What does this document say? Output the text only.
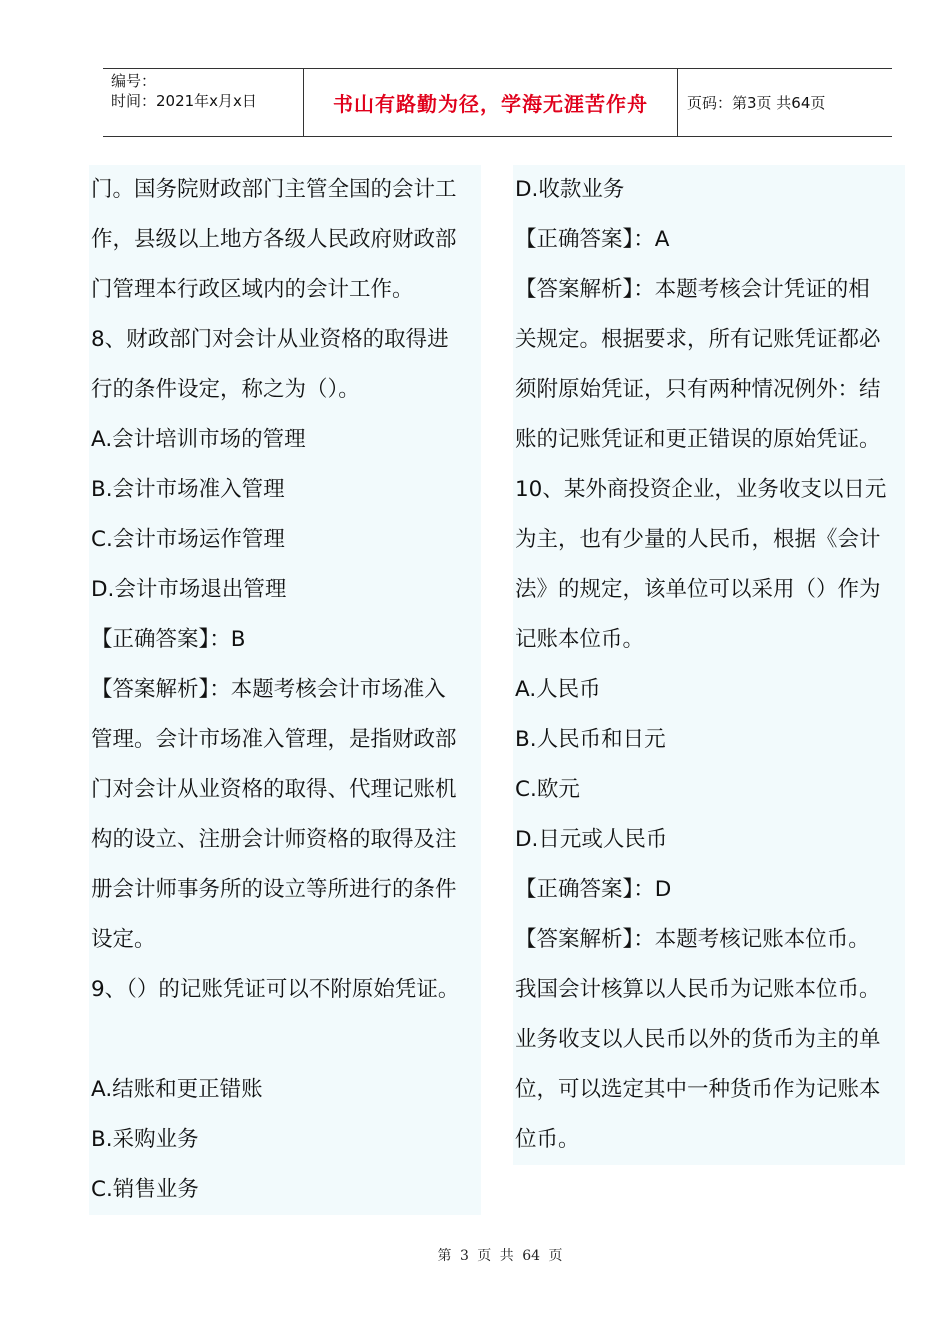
编号：
时间：2021年x月x日	书山有路勤为径，学海无涯苦作舟	页码：第3页 共64页
门。国务院财政部门主管全国的会计工
作，县级以上地方各级人民政府财政部
门管理本行政区域内的会计工作。
8、财政部门对会计从业资格的取得进
行的条件设定，称之为（）。
A.会计培训市场的管理
B.会计市场准入管理
C.会计市场运作管理
D.会计市场退出管理
【正确答案】：B
【答案解析】：本题考核会计市场准入
管理。会计市场准入管理，是指财政部
门对会计从业资格的取得、代理记账机
构的设立、注册会计师资格的取得及注
册会计师事务所的设立等所进行的条件
设定。
9、（）的记账凭证可以不附原始凭证。
A.结账和更正错账
B.采购业务
C.销售业务
D.收款业务
【正确答案】：A
【答案解析】：本题考核会计凭证的相
关规定。根据要求，所有记账凭证都必
须附原始凭证，只有两种情况例外：结
账的记账凭证和更正错误的原始凭证。
10、某外商投资企业，业务收支以日元
为主，也有少量的人民币，根据《会计
法》的规定，该单位可以采用（）作为
记账本位币。
A.人民币
B.人民币和日元
C.欧元
D.日元或人民币
【正确答案】：D
【答案解析】：本题考核记账本位币。
我国会计核算以人民币为记账本位币。
业务收支以人民币以外的货币为主的单
位，可以选定其中一种货币作为记账本
位币。
第 3 页 共 64 页
